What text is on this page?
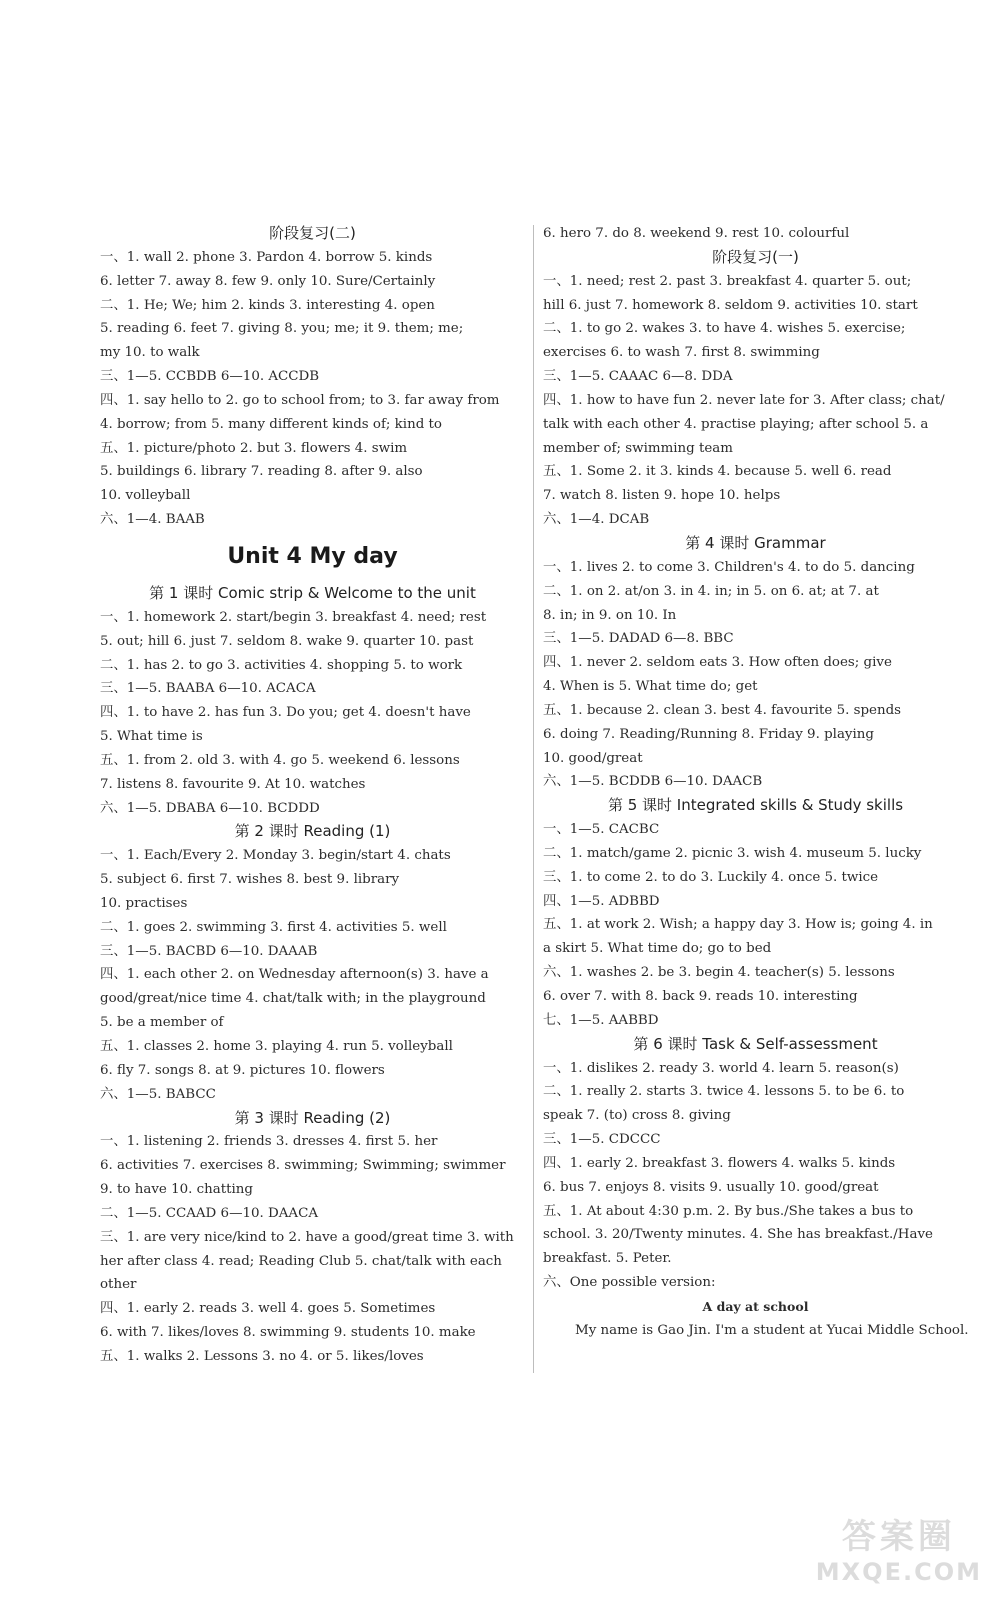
阶段复习(二)
一、1. wall 2. phone 3. Pardon 4. borrow 5. kinds
6. letter 7. away 8. few 9. only 10. Sure/Certainly
二、1. He; We; him 2. kinds 3. interesting 4. open
5. reading 6. feet 7. giving 8. you; me; it 9. them; me;
my 10. to walk
三、1—5. CCBDB 6—10. ACCDB
四、1. say hello to 2. go to school from; to 3. far away from
4. borrow; from 5. many different kinds of; kind to
五、1. picture/photo 2. but 3. flowers 4. swim
5. buildings 6. library 7. reading 8. after 9. also
10. volleyball
六、1—4. BAAB
Unit 4 My day
第 1 课时 Comic strip & Welcome to the unit
一、1. homework 2. start/begin 3. breakfast 4. need; rest
5. out; hill 6. just 7. seldom 8. wake 9. quarter 10. past
二、1. has 2. to go 3. activities 4. shopping 5. to work
三、1—5. BAABA 6—10. ACACA
四、1. to have 2. has fun 3. Do you; get 4. doesn't have
5. What time is
五、1. from 2. old 3. with 4. go 5. weekend 6. lessons
7. listens 8. favourite 9. At 10. watches
六、1—5. DBABA 6—10. BCDDD
第 2 课时 Reading (1)
一、1. Each/Every 2. Monday 3. begin/start 4. chats
5. subject 6. first 7. wishes 8. best 9. library
10. practises
二、1. goes 2. swimming 3. first 4. activities 5. well
三、1—5. BACBD 6—10. DAAAB
四、1. each other 2. on Wednesday afternoon(s) 3. have a
good/great/nice time 4. chat/talk with; in the playground
5. be a member of
五、1. classes 2. home 3. playing 4. run 5. volleyball
6. fly 7. songs 8. at 9. pictures 10. flowers
六、1—5. BABCC
第 3 课时 Reading (2)
一、1. listening 2. friends 3. dresses 4. first 5. her
6. activities 7. exercises 8. swimming; Swimming; swimmer
9. to have 10. chatting
二、1—5. CCAAD 6—10. DAACA
三、1. are very nice/kind to 2. have a good/great time 3. with
her after class 4. read; Reading Club 5. chat/talk with each
other
四、1. early 2. reads 3. well 4. goes 5. Sometimes
6. with 7. likes/loves 8. swimming 9. students 10. make
五、1. walks 2. Lessons 3. no 4. or 5. likes/loves
6. hero 7. do 8. weekend 9. rest 10. colourful
阶段复习(一)
一、1. need; rest 2. past 3. breakfast 4. quarter 5. out;
hill 6. just 7. homework 8. seldom 9. activities 10. start
二、1. to go 2. wakes 3. to have 4. wishes 5. exercise;
exercises 6. to wash 7. first 8. swimming
三、1—5. CAAAC 6—8. DDA
四、1. how to have fun 2. never late for 3. After class; chat/
talk with each other 4. practise playing; after school 5. a
member of; swimming team
五、1. Some 2. it 3. kinds 4. because 5. well 6. read
7. watch 8. listen 9. hope 10. helps
六、1—4. DCAB
第 4 课时 Grammar
一、1. lives 2. to come 3. Children's 4. to do 5. dancing
二、1. on 2. at/on 3. in 4. in; in 5. on 6. at; at 7. at
8. in; in 9. on 10. In
三、1—5. DADAD 6—8. BBC
四、1. never 2. seldom eats 3. How often does; give
4. When is 5. What time do; get
五、1. because 2. clean 3. best 4. favourite 5. spends
6. doing 7. Reading/Running 8. Friday 9. playing
10. good/great
六、1—5. BCDDB 6—10. DAACB
第 5 课时 Integrated skills & Study skills
一、1—5. CACBC
二、1. match/game 2. picnic 3. wish 4. museum 5. lucky
三、1. to come 2. to do 3. Luckily 4. once 5. twice
四、1—5. ADBBD
五、1. at work 2. Wish; a happy day 3. How is; going 4. in
a skirt 5. What time do; go to bed
六、1. washes 2. be 3. begin 4. teacher(s) 5. lessons
6. over 7. with 8. back 9. reads 10. interesting
七、1—5. AABBD
第 6 课时 Task & Self-assessment
一、1. dislikes 2. ready 3. world 4. learn 5. reason(s)
二、1. really 2. starts 3. twice 4. lessons 5. to be 6. to
speak 7. (to) cross 8. giving
三、1—5. CDCCC
四、1. early 2. breakfast 3. flowers 4. walks 5. kinds
6. bus 7. enjoys 8. visits 9. usually 10. good/great
五、1. At about 4:30 p.m. 2. By bus./She takes a bus to
school. 3. 20/Twenty minutes. 4. She has breakfast./Have
breakfast. 5. Peter.
六、One possible version:
A day at school
My name is Gao Jin. I'm a student at Yucai Middle School.
答案圈
MXQE.COM
